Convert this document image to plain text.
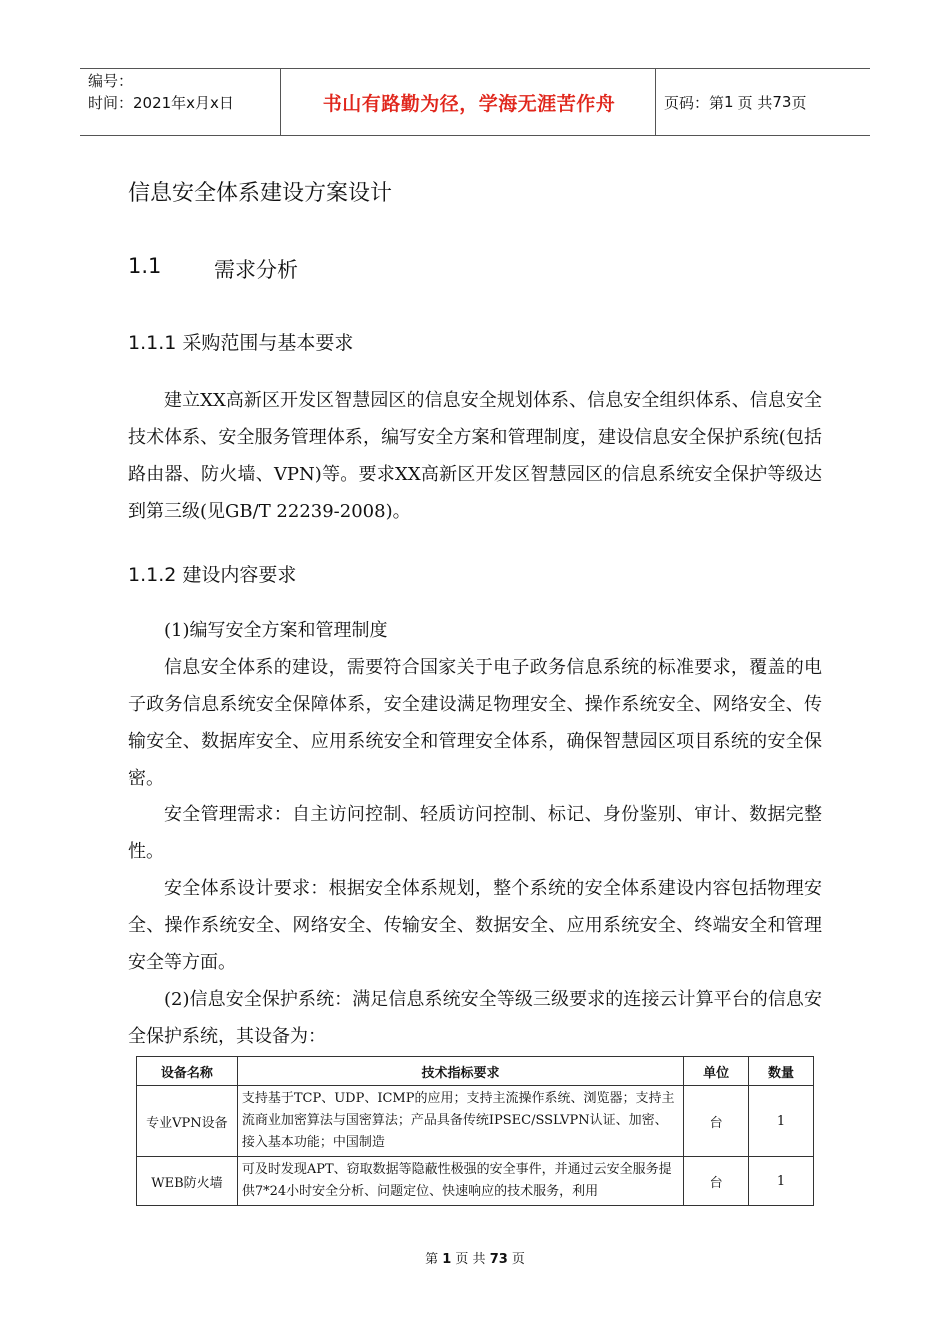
编号：
时间：2021年x月x日	书山有路勤为径，学海无涯苦作舟	页码：第 1 页 共 73 页
信息安全体系建设方案设计
1.1	需求分析
1.1.1 采购范围与基本要求

建立XX高新区开发区智慧园区的信息安全规划体系、信息安全组织体系、信息安全技术体系、安全服务管理体系，编写安全方案和管理制度，建设信息安全保护系统(包括路由器、防火墙、VPN)等。要求XX高新区开发区智慧园区的信息系统安全保护等级达到第三级(见GB/T 22239-2008)。

1.1.2 建设内容要求

(1)编写安全方案和管理制度

信息安全体系的建设，需要符合国家关于电子政务信息系统的标准要求，覆盖的电子政务信息系统安全保障体系，安全建设满足物理安全、操作系统安全、网络安全、传输安全、数据库安全、应用系统安全和管理安全体系，确保智慧园区项目系统的安全保密。

安全管理需求：自主访问控制、轻质访问控制、标记、身份鉴别、审计、数据完整性。

安全体系设计要求：根据安全体系规划，整个系统的安全体系建设内容包括物理安全、操作系统安全、网络安全、传输安全、数据安全、应用系统安全、终端安全和管理安全等方面。

(2)信息安全保护系统：满足信息系统安全等级三级要求的连接云计算平台的信息安全保护系统，其设备为：

设备名称	技术指标要求	单位	数量
专业VPN设备	支持基于TCP、UDP、ICMP的应用；支持主流操作系统、浏览器；支持主流商业加密算法与国密算法；产品具备传统IPSEC/SSLVPN认证、加密、接入基本功能；中国制造	台	1
WEB防火墙	可及时发现APT、窃取数据等隐蔽性极强的安全事件，并通过云安全服务提供7*24小时安全分析、问题定位、快速响应的技术服务，利用	台	1
第 1 页 共 73 页
